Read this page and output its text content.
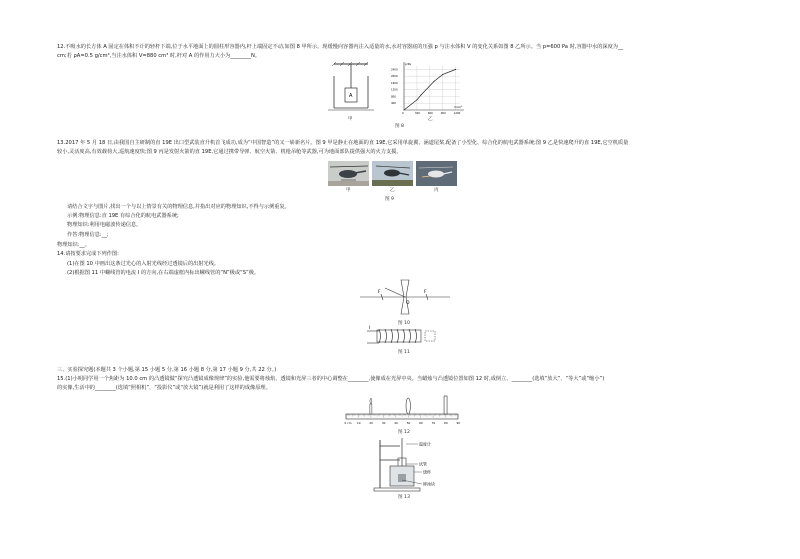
12.不吸水的长方体 A 固定在体积不计的轻杆下端,位于水平地面上的圆柱形容器内,杆上端固定不动,如图 8 甲所示。现缓慢向容器内注入适量的水,水对容器底的压强 p 与注水体积 V 的变化关系如图 8 乙所示。当 p=600 Pa 时,容器中水的深度为__
cm;若 ρA=0.5 g/cm³,当注水体积 V=880 cm³ 时,杆对 A 的作用力大小为________N。
A
甲
0	300	600	900	1200
400
800
1200
1600
2000
2400
V/cm³
p/Pa
乙
图 8
13.2017 年 5 月 18 日,由我国自主研制的直 19E 出口型武装直升机首飞成功,成为“中国智造”的又一崭新名片。图 9 甲是静止在地面的直 19E,它采用单旋翼、涵道尾桨,配备了小型化、综合化的航电武器系统;图 9 乙是快速爬升的直 19E,它空机质量
较小,灵活度高,有效载荷大,巡航速度快;图 9 丙是发射火箭的直 19E,它通过携带导弹、航空火箭、机枪吊舱等武器,可为地面部队提供强大的火力支援。
甲	乙	丙
图 9
请结合文字与图片,找出一个与以上情景有关的物理信息,并指出对应的物理知识,不得与示例重复。
示例:物理信息:直 19E 有综合化的航电武器系统;
物理知识:利用电磁波传递信息。
作答:物理信息:__;
物理知识:__。
14.请按要求完成下列作图:
(1)在图 10 中画出这条过光心的入射光线经过透镜后的出射光线。
(2)根据图 11 中螺线管的电流 I 的方向,在右端虚框内标出螺线管的“N”极或“S”极。
F	F
O
图 10
I
图 11
三、实验探究题(本题共 3 个小题,第 15 小题 5 分,第 16 小题 8 分,第 17 小题 9 分,共 22 分。)
15.(1)小明同学用一个焦距为 10.0 cm 的凸透镜做“探究凸透镜成像规律”的实验,他需要将烛焰、透镜和光屏三者的中心调整在________,使像成在光屏中央。当蜡烛与凸透镜位置如图 12 时,成倒立、________(选填“放大”、“等大”或“缩小”)
的实像,生活中的________(选填“照相机”、“投影仪”或“放大镜”)就是利用了这样的成像原理。
0 cm 10	20	30	40	50	60	70	80	90
图 12
温度计
试管
烧杯
碎冰块
图 13
